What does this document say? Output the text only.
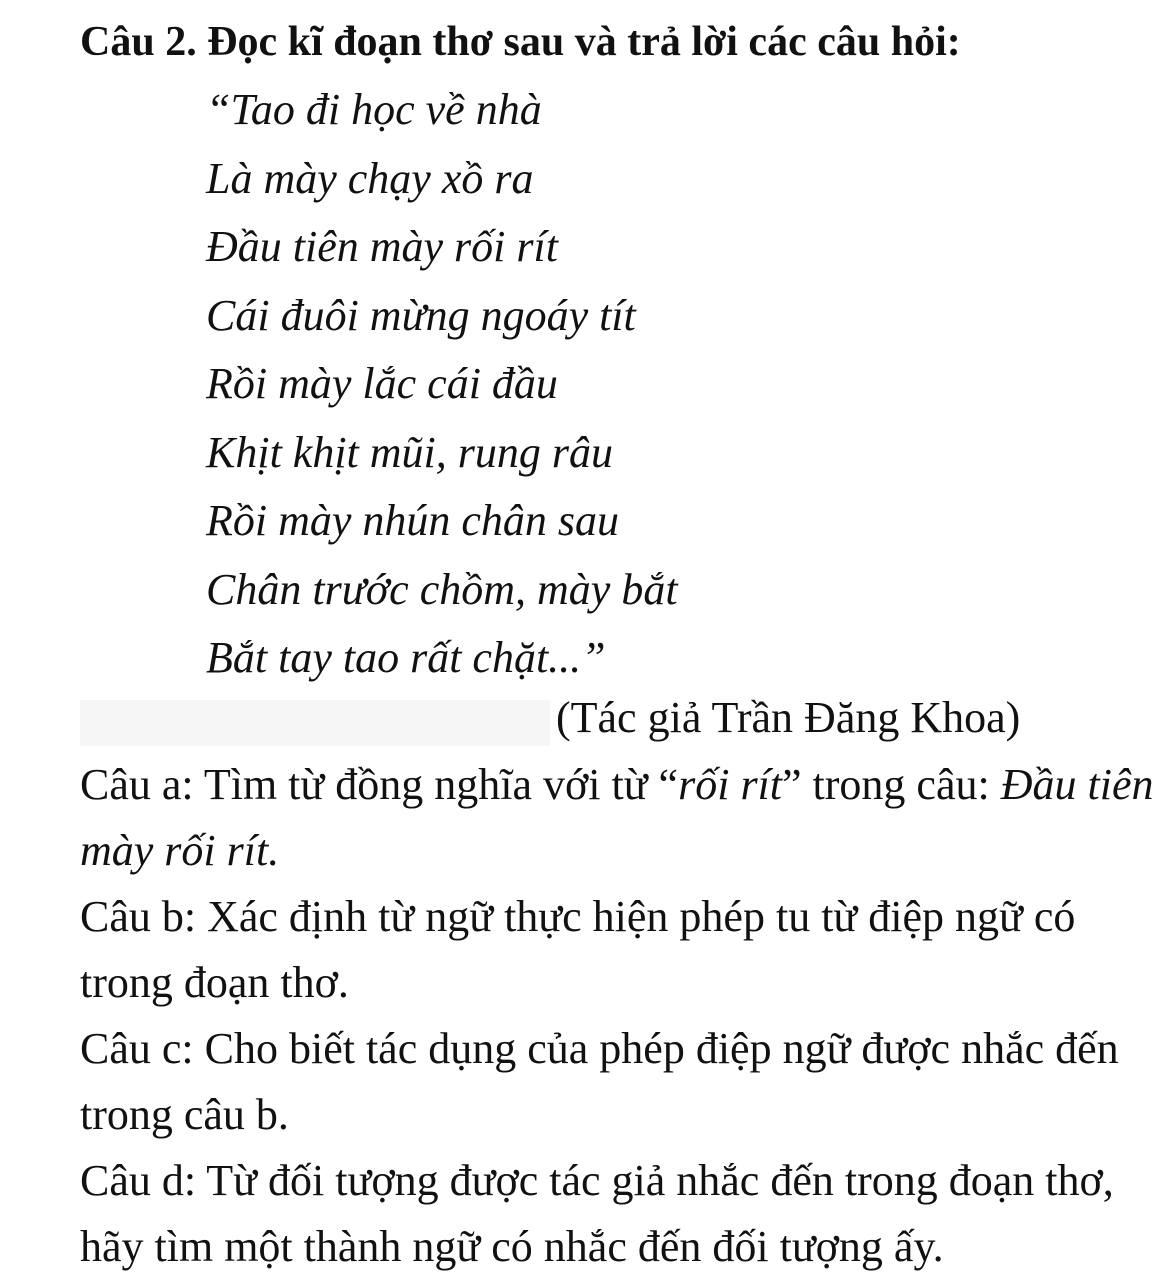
Câu 2. Đọc kĩ đoạn thơ sau và trả lời các câu hỏi:
“Tao đi học về nhà
Là mày chạy xồ ra
Đầu tiên mày rối rít
Cái đuôi mừng ngoáy tít
Rồi mày lắc cái đầu
Khịt khịt mũi, rung râu
Rồi mày nhún chân sau
Chân trước chồm, mày bắt
Bắt tay tao rất chặt...”
(Tác giả Trần Đăng Khoa)
Câu a: Tìm từ đồng nghĩa với từ “rối rít” trong câu: Đầu tiên
mày rối rít.
Câu b: Xác định từ ngữ thực hiện phép tu từ điệp ngữ có
trong đoạn thơ.
Câu c: Cho biết tác dụng của phép điệp ngữ được nhắc đến
trong câu b.
Câu d: Từ đối tượng được tác giả nhắc đến trong đoạn thơ,
hãy tìm một thành ngữ có nhắc đến đối tượng ấy.
